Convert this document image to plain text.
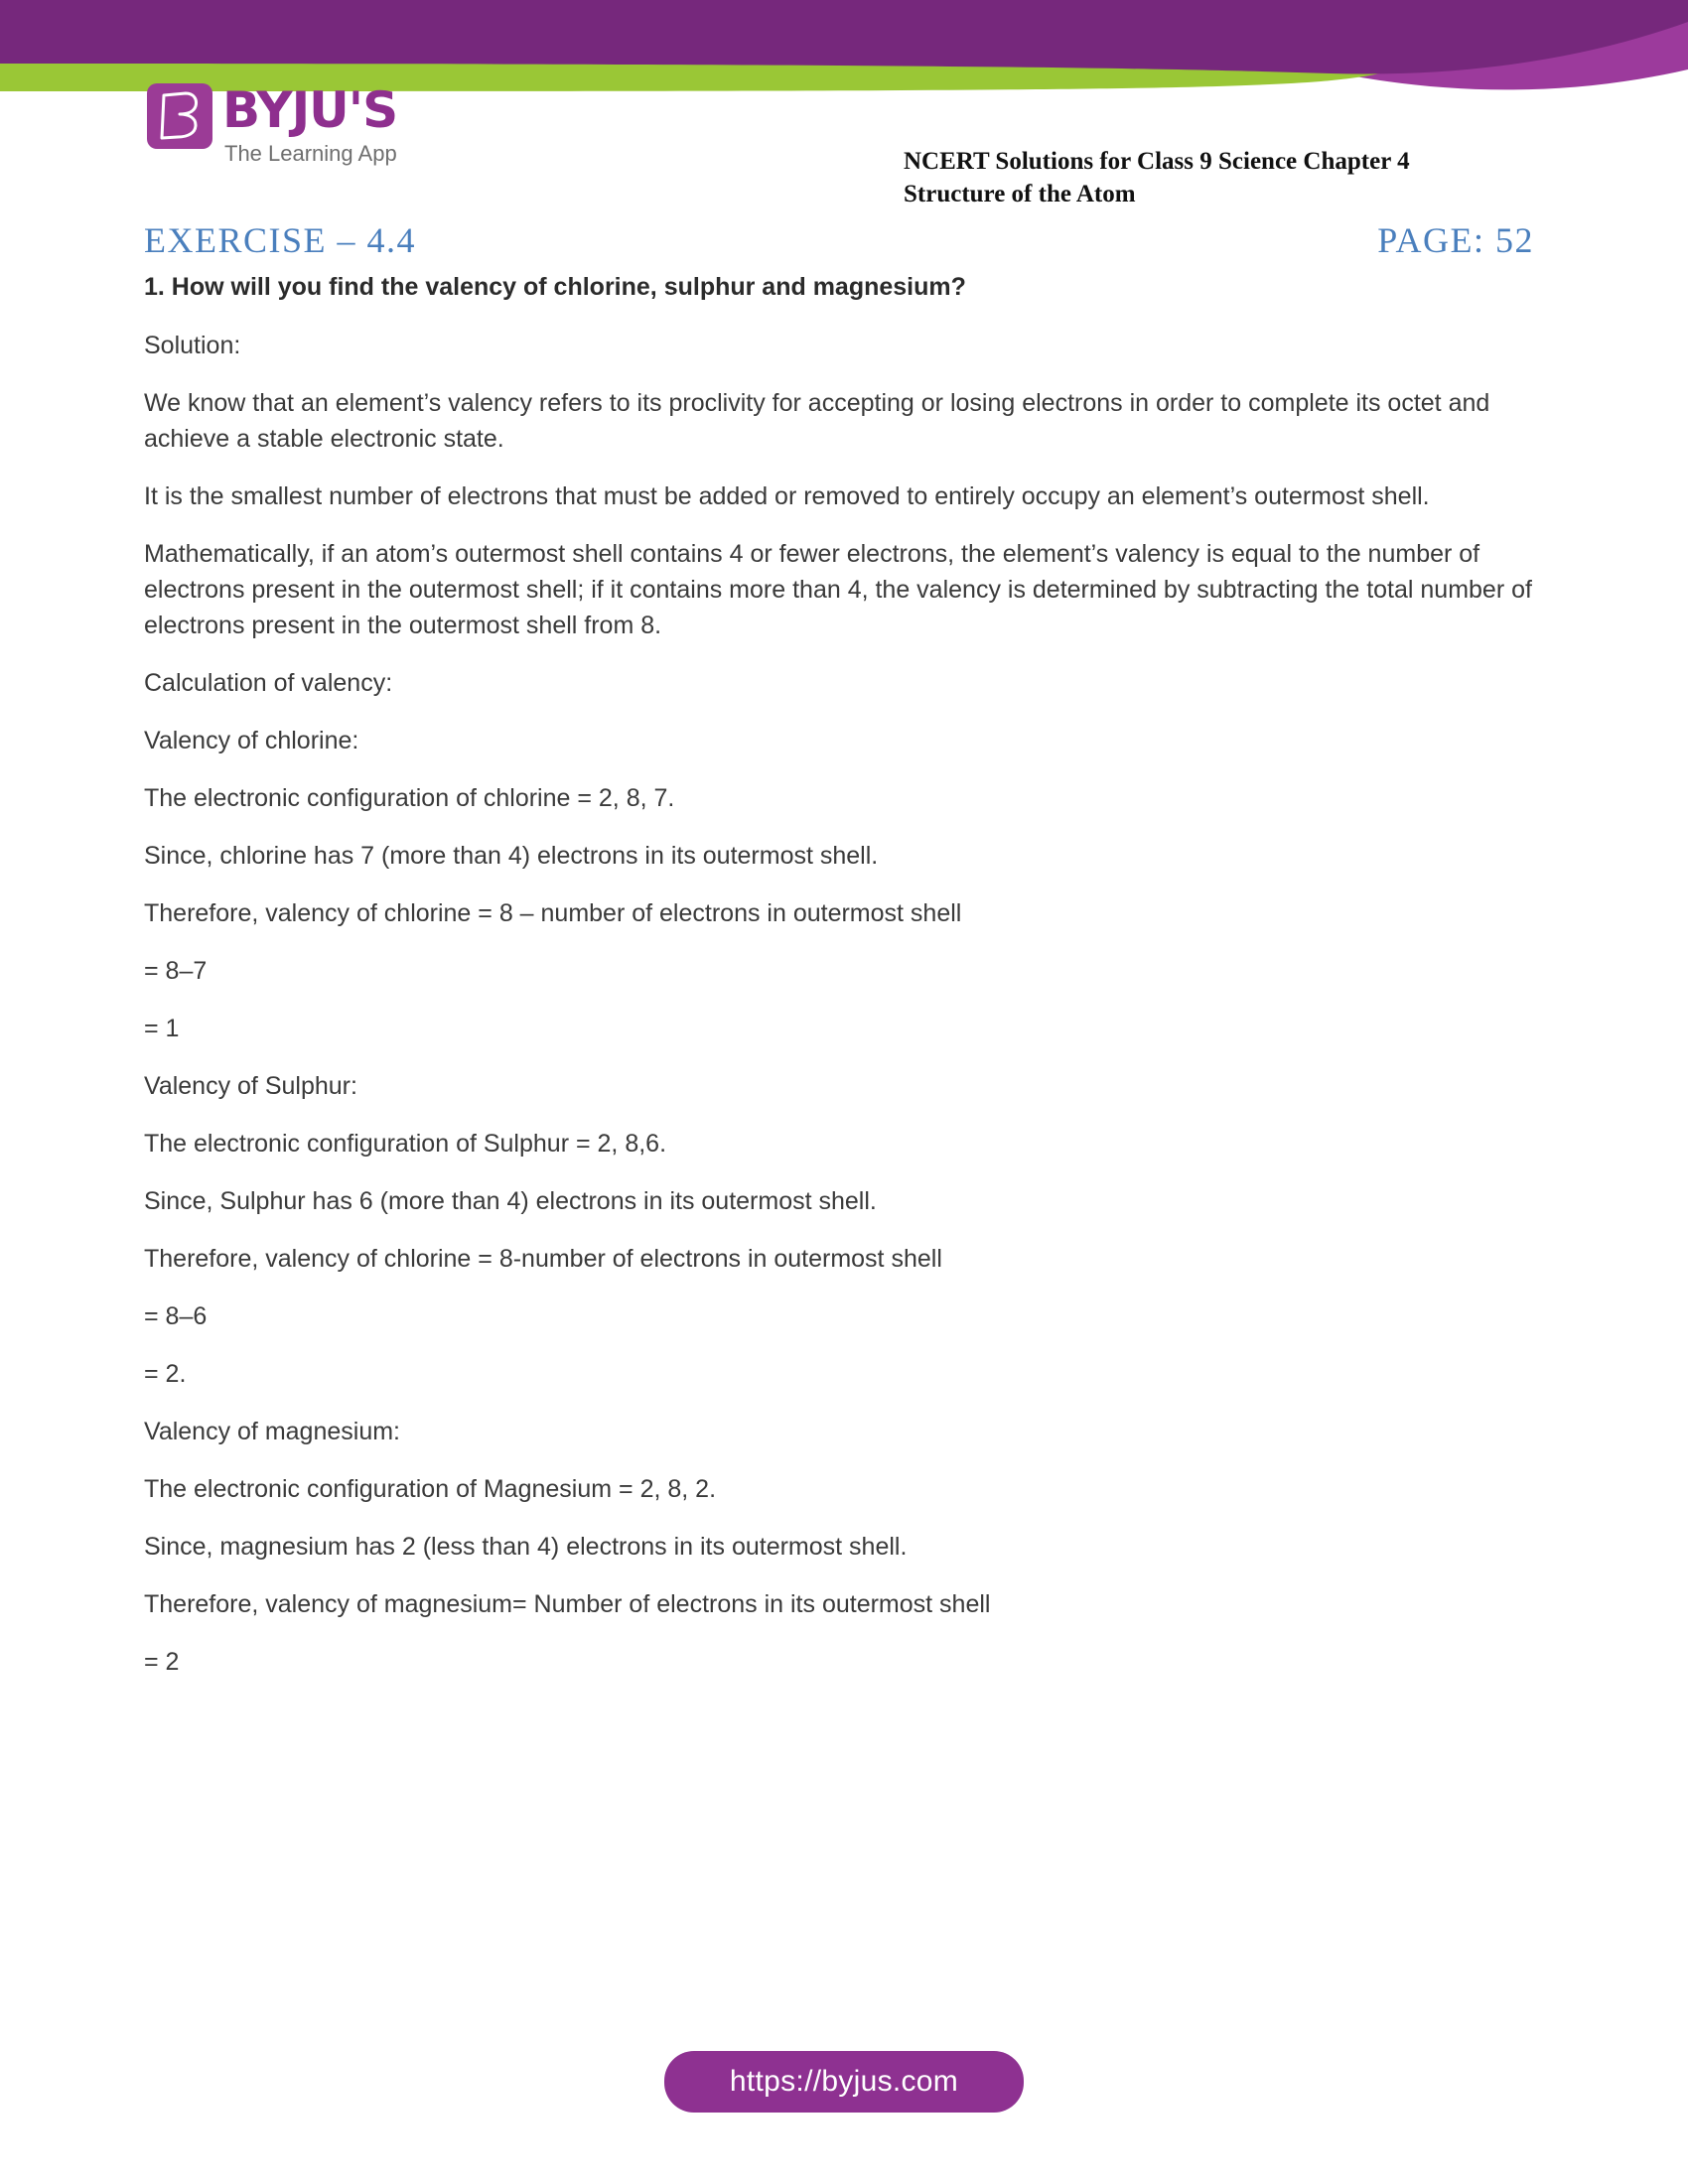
BYJU'S
The Learning App	NCERT Solutions for Class 9 Science Chapter 4
Structure of the Atom
EXERCISE – 4.4	PAGE: 52

1. How will you find the valency of chlorine, sulphur and magnesium?

Solution:

We know that an element’s valency refers to its proclivity for accepting or losing electrons in order to complete its octet and achieve a stable electronic state.

It is the smallest number of electrons that must be added or removed to entirely occupy an element’s outermost shell.

Mathematically, if an atom’s outermost shell contains 4 or fewer electrons, the element’s valency is equal to the number of electrons present in the outermost shell; if it contains more than 4, the valency is determined by subtracting the total number of electrons present in the outermost shell from 8.

Calculation of valency:

Valency of chlorine:

The electronic configuration of chlorine = 2, 8, 7.

Since, chlorine has 7 (more than 4) electrons in its outermost shell.

Therefore, valency of chlorine = 8 – number of electrons in outermost shell

= 8–7

= 1

Valency of Sulphur:

The electronic configuration of Sulphur = 2, 8,6.

Since, Sulphur has 6 (more than 4) electrons in its outermost shell.

Therefore, valency of chlorine = 8-number of electrons in outermost shell

= 8–6

= 2.

Valency of magnesium:

The electronic configuration of Magnesium = 2, 8, 2.

Since, magnesium has 2 (less than 4) electrons in its outermost shell.

Therefore, valency of magnesium= Number of electrons in its outermost shell

= 2

https://byjus.com
